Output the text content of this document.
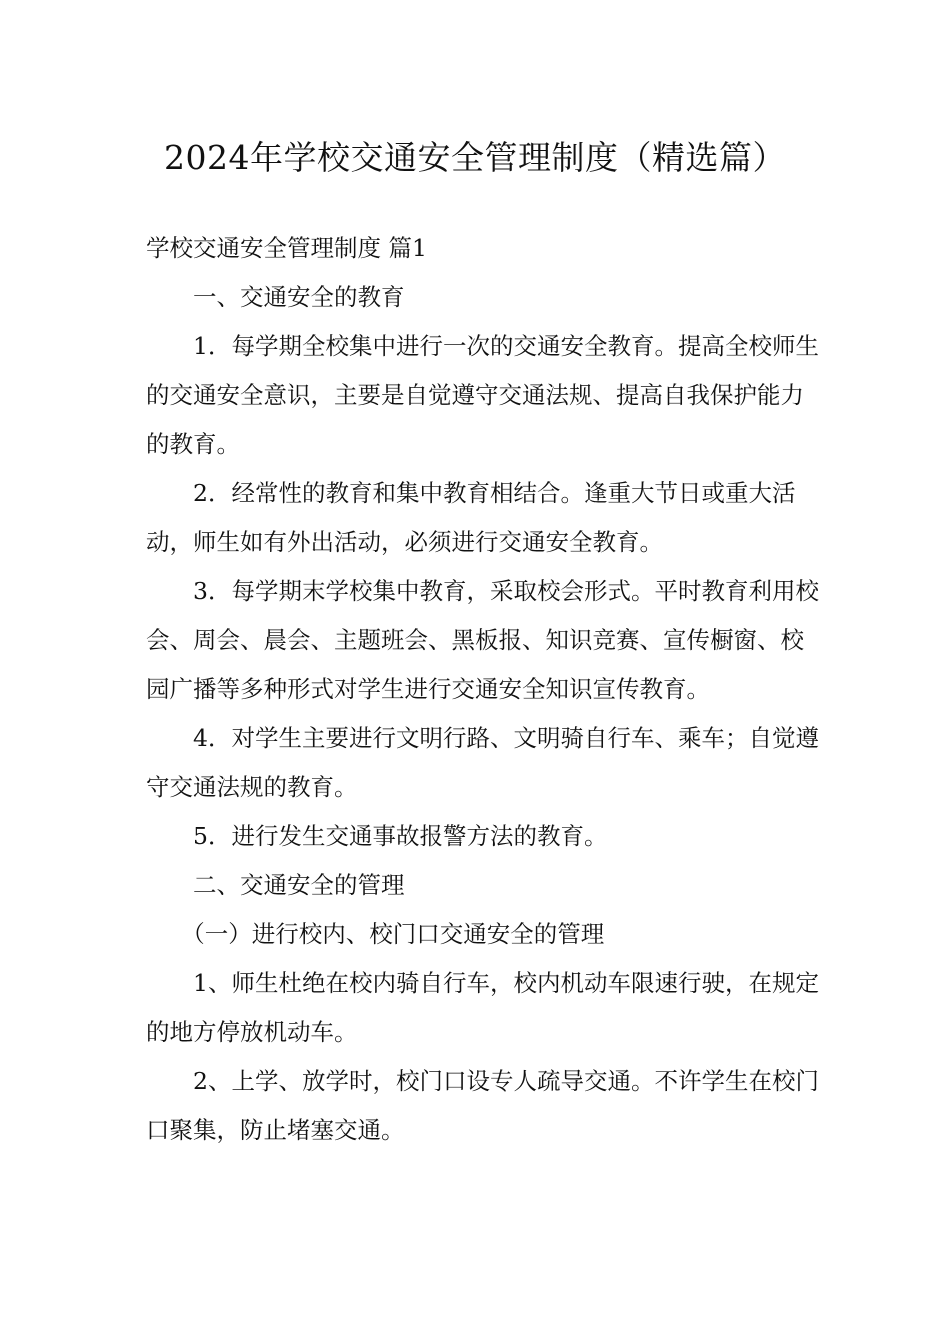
2024年学校交通安全管理制度（精选篇）

学校交通安全管理制度 篇1

一、交通安全的教育

1．每学期全校集中进行一次的交通安全教育。提高全校师生的交通安全意识，主要是自觉遵守交通法规、提高自我保护能力的教育。

2．经常性的教育和集中教育相结合。逢重大节日或重大活动，师生如有外出活动，必须进行交通安全教育。

3．每学期末学校集中教育，采取校会形式。平时教育利用校会、周会、晨会、主题班会、黑板报、知识竞赛、宣传橱窗、校园广播等多种形式对学生进行交通安全知识宣传教育。

4．对学生主要进行文明行路、文明骑自行车、乘车；自觉遵守交通法规的教育。

5．进行发生交通事故报警方法的教育。

二、交通安全的管理

（一）进行校内、校门口交通安全的管理

1、师生杜绝在校内骑自行车，校内机动车限速行驶，在规定的地方停放机动车。

2、上学、放学时，校门口设专人疏导交通。不许学生在校门口聚集，防止堵塞交通。
